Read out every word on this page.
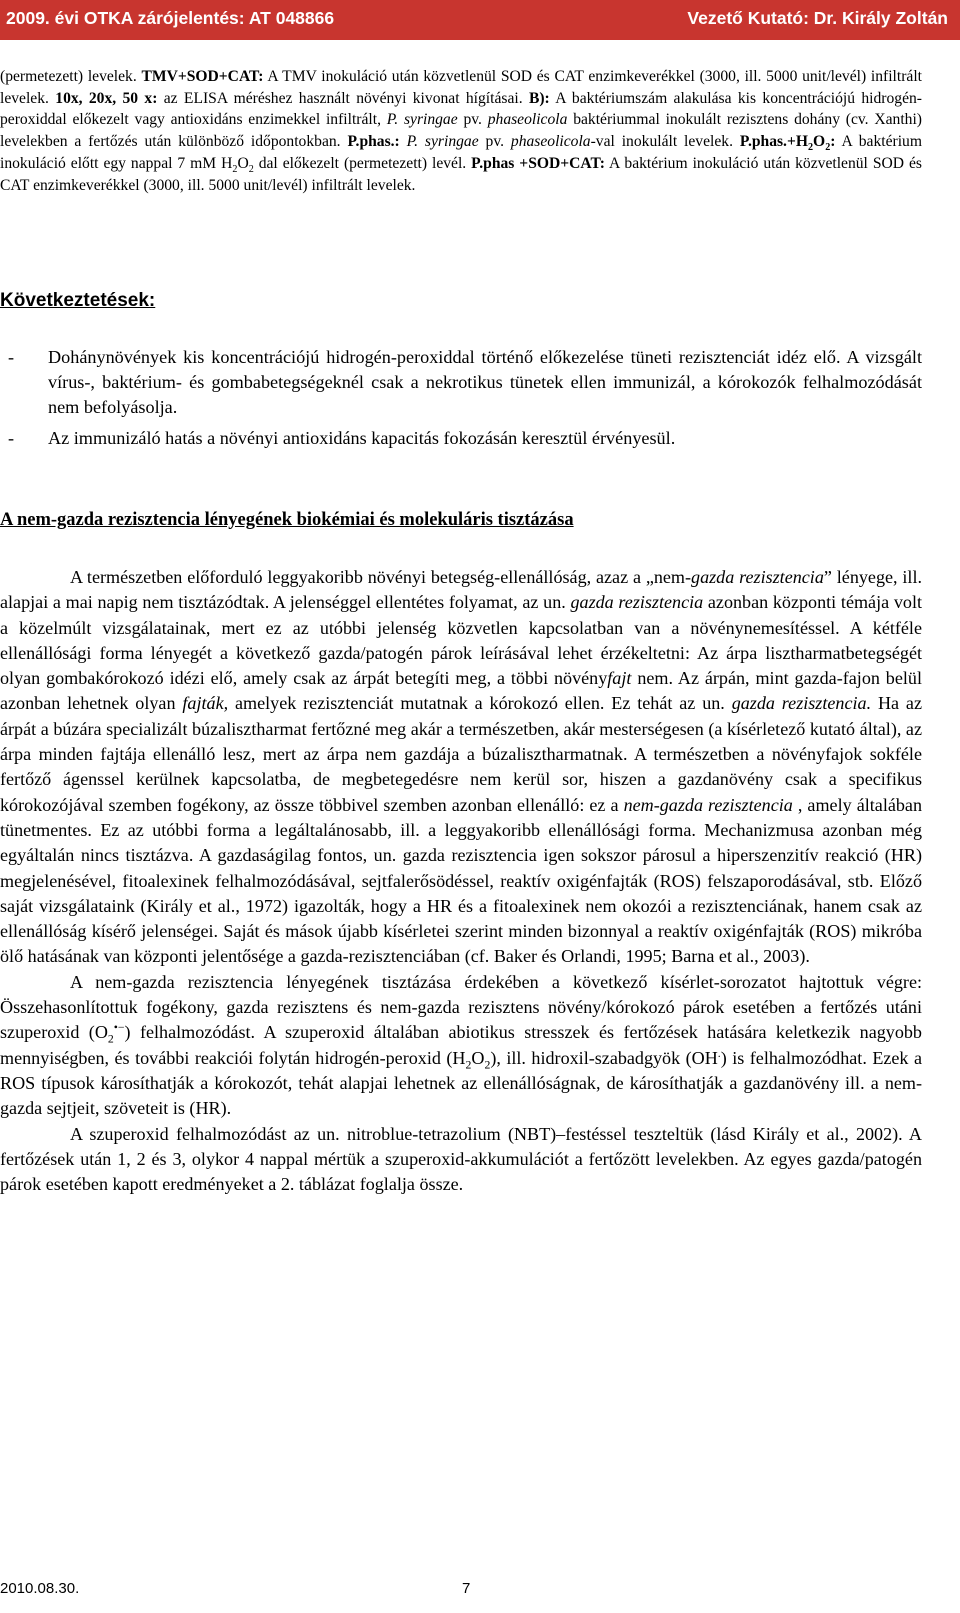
2009. évi OTKA zárójelentés: AT 048866	Vezető Kutató: Dr. Király Zoltán
(permetezett) levelek. TMV+SOD+CAT: A TMV inokuláció után közvetlenül SOD és CAT enzimkeverékkel (3000, ill. 5000 unit/levél) infiltrált levelek. 10x, 20x, 50 x: az ELISA méréshez használt növényi kivonat hígításai. B): A baktériumszám alakulása kis koncentrációjú hidrogén-peroxiddal előkezelt vagy antioxidáns enzimekkel infiltrált, P. syringae pv. phaseolicola baktériummal inokulált rezisztens dohány (cv. Xanthi) levelekben a fertőzés után különböző időpontokban. P.phas.: P. syringae pv. phaseolicola-val inokulált levelek. $P.phas.+H_2O_2$: A baktérium inokuláció előtt egy nappal 7 mM $H_2O_2$ dal előkezelt (permetezett) levél. P.phas +SOD+CAT: A baktérium inokuláció után közvetlenül SOD és CAT enzimkeverékkel (3000, ill. 5000 unit/levél) infiltrált levelek.
Következtetések:
- Dohánynövények kis koncentrációjú hidrogén-peroxiddal történő előkezelése tüneti rezisztenciát idéz elő. A vizsgált vírus-, baktérium- és gombabetegségeknél csak a nekrotikus tünetek ellen immunizál, a kórokozók felhalmozódását nem befolyásolja.
- Az immunizáló hatás a növényi antioxidáns kapacitás fokozásán keresztül érvényesül.
A nem-gazda rezisztencia lényegének biokémiai és molekuláris tisztázása

A természetben előforduló leggyakoribb növényi betegség-ellenállóság, azaz a „nem-gazda rezisztencia” lényege, ill. alapjai a mai napig nem tisztázódtak. A jelenséggel ellentétes folyamat, az un. gazda rezisztencia azonban központi témája volt a közelmúlt vizsgálatainak, mert ez az utóbbi jelenség közvetlen kapcsolatban van a növénynemesítéssel. A kétféle ellenállósági forma lényegét a következő gazda/patogén párok leírásával lehet érzékeltetni: Az árpa lisztharmatbetegségét olyan gombakórokozó idézi elő, amely csak az árpát betegíti meg, a többi növényfajt nem. Az árpán, mint gazda-fajon belül azonban lehetnek olyan fajták, amelyek rezisztenciát mutatnak a kórokozó ellen. Ez tehát az un. gazda rezisztencia. Ha az árpát a búzára specializált búzalisztharmat fertőzné meg akár a természetben, akár mesterségesen (a kísérletező kutató által), az árpa minden fajtája ellenálló lesz, mert az árpa nem gazdája a búzalisztharmatnak. A természetben a növényfajok sokféle fertőző ágenssel kerülnek kapcsolatba, de megbetegedésre nem kerül sor, hiszen a gazdanövény csak a specifikus kórokozójával szemben fogékony, az össze többivel szemben azonban ellenálló: ez a nem-gazda rezisztencia , amely általában tünetmentes. Ez az utóbbi forma a legáltalánosabb, ill. a leggyakoribb ellenállósági forma. Mechanizmusa azonban még egyáltalán nincs tisztázva. A gazdaságilag fontos, un. gazda rezisztencia igen sokszor párosul a hiperszenzitív reakció (HR) megjelenésével, fitoalexinek felhalmozódásával, sejtfalerősödéssel, reaktív oxigénfajták (ROS) felszaporodásával, stb. Előző saját vizsgálataink (Király et al., 1972) igazolták, hogy a HR és a fitoalexinek nem okozói a rezisztenciának, hanem csak az ellenállóság kísérő jelenségei. Saját és mások újabb kísérletei szerint minden bizonnyal a reaktív oxigénfajták (ROS) mikróba ölő hatásának van központi jelentősége a gazda-rezisztenciában (cf. Baker és Orlandi, 1995; Barna et al., 2003).

A nem-gazda rezisztencia lényegének tisztázása érdekében a következő kísérlet-sorozatot hajtottuk végre: Összehasonlítottuk fogékony, gazda rezisztens és nem-gazda rezisztens növény/kórokozó párok esetében a fertőzés utáni szuperoxid $(O_2^{•-})$ felhalmozódást. A szuperoxid általában abiotikus stresszek és fertőzések hatására keletkezik nagyobb mennyiségben, és további reakciói folytán hidrogén-peroxid $(H_2O_2)$, ill. hidroxil-szabadgyök (OH.) is felhalmozódhat. Ezek a ROS típusok károsíthatják a kórokozót, tehát alapjai lehetnek az ellenállóságnak, de károsíthatják a gazdanövény ill. a nem-gazda sejtjeit, szöveteit is (HR).

A szuperoxid felhalmozódást az un. nitroblue-tetrazolium (NBT)–festéssel teszteltük (lásd Király et al., 2002). A fertőzések után 1, 2 és 3, olykor 4 nappal mértük a szuperoxid-akkumulációt a fertőzött levelekben. Az egyes gazda/patogén párok esetében kapott eredményeket a 2. táblázat foglalja össze.

2010.08.30.	7
